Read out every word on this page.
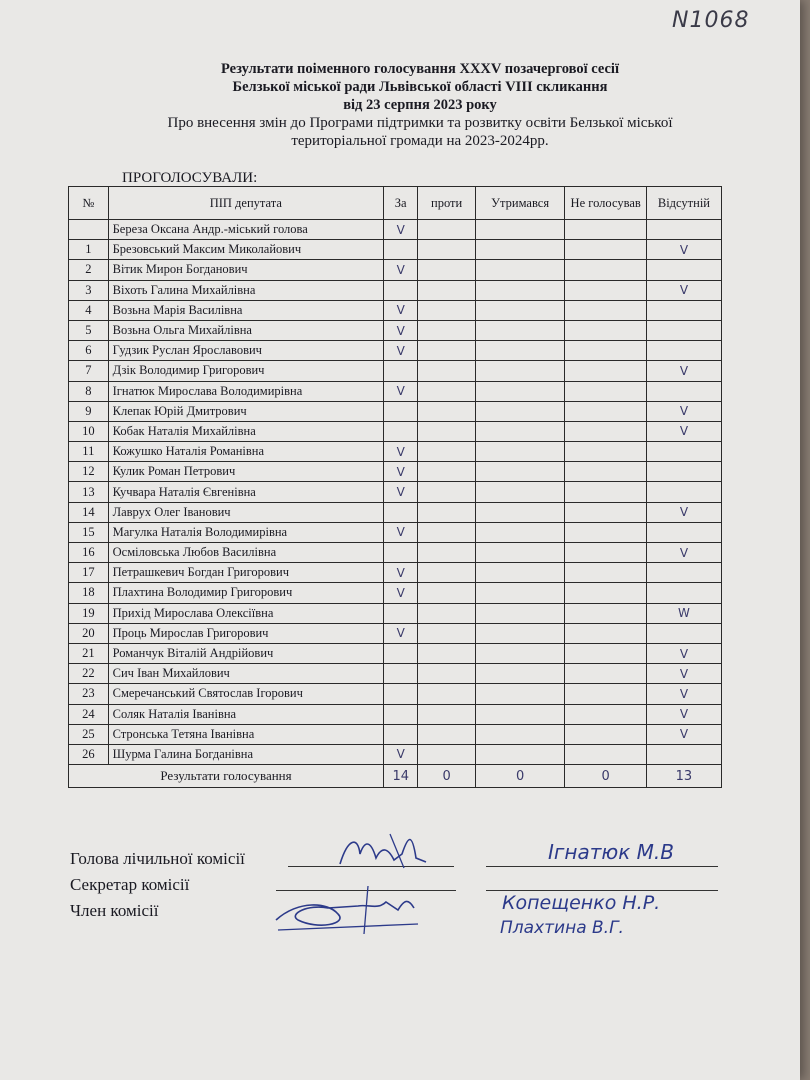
N1068
Результати поіменного голосування XXXV позачергової сесії
Белзької міської ради Львівської області VIII скликання
від 23 серпня 2023 року
Про внесення змін до Програми підтримки та розвитку освіти Белзької міської
територіальної громади на 2023-2024рр.
ПРОГОЛОСУВАЛИ:
№	ПІП депутата	За	проти	Утримався	Не голосував	Відсутній
	Береза Оксана Андр.-міський голова	V				
1	Брезовський Максим Миколайович					V
2	Вітик Мирон Богданович	V				
3	Віхоть Галина Михайлівна					V
4	Возьна Марія Василівна	V				
5	Возьна Ольга Михайлівна	V				
6	Гудзик Руслан Ярославович	V				
7	Дзік Володимир Григорович					V
8	Ігнатюк Мирослава Володимирівна	V				
9	Клепак Юрій Дмитрович					V
10	Кобак Наталія Михайлівна					V
11	Кожушко Наталія Романівна	V				
12	Кулик Роман Петрович	V				
13	Кучвара Наталія Євгенівна	V				
14	Лаврух Олег Іванович					V
15	Магулка Наталія Володимирівна	V				
16	Осміловська Любов Василівна					V
17	Петрашкевич Богдан Григорович	V				
18	Плахтина Володимир Григорович	V				
19	Прихід Мирослава Олексіївна					W
20	Проць Мирослав Григорович	V				
21	Романчук Віталій Андрійович					V
22	Сич Іван Михайлович					V
23	Смеречанський Святослав Ігорович					V
24	Соляк Наталія Іванівна					V
25	Стронська Тетяна Іванівна					V
26	Шурма Галина Богданівна	V				
Результати голосування		14	0	0	0	13
Голова лічильної комісії
Секретар комісії
Член комісії
Ігнатюк М.В
Копещенко Н.Р.
Плахтина В.Г.
